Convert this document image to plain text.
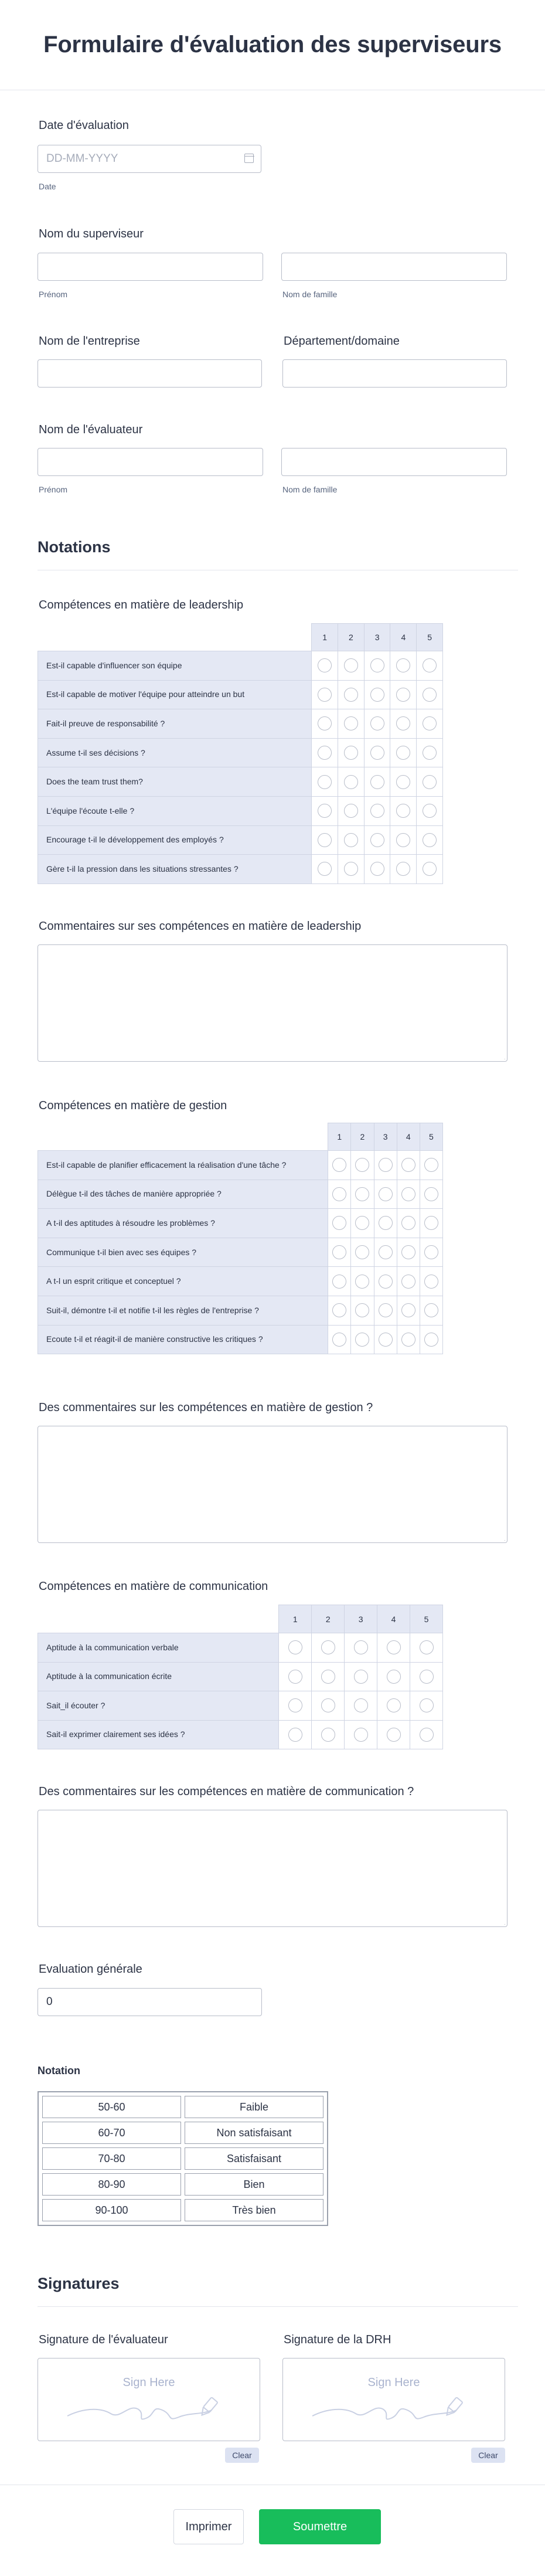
Formulaire d'évaluation des superviseurs
Date d'évaluation
DD-MM-YYYY
Date
Nom du superviseur
Prénom	Nom de famille
Nom de l'entreprise	Département/domaine
Nom de l'évaluateur
Prénom	Nom de famille
Notations
Compétences en matière de leadership
	1	2	3	4	5
Est-il capable d'influencer son équipe					
Est-il capable de motiver l'équipe pour atteindre un but					
Fait-il preuve de responsabilité ?					
Assume t-il ses décisions ?					
Does the team trust them?					
L'équipe l'écoute t-elle ?					
Encourage t-il le développement des employés ?					
Gère t-il la pression dans les situations stressantes ?					
Commentaires sur ses compétences en matière de leadership
Compétences en matière de gestion
	1	2	3	4	5
Est-il capable de planifier efficacement la réalisation d'une tâche ?					
Délègue t-il des tâches de manière appropriée ?					
A t-il des aptitudes à résoudre les problèmes ?					
Communique t-il bien avec ses équipes ?					
A t-l un esprit critique et conceptuel ?					
Suit-il, démontre t-il et notifie t-il les règles de l'entreprise ?					
Ecoute t-il et réagit-il de manière constructive les critiques ?					
Des commentaires sur les compétences en matière de gestion ?
Compétences en matière de communication
	1	2	3	4	5
Aptitude à la communication verbale					
Aptitude à la communication écrite					
Sait_il écouter ?					
Sait-il exprimer clairement ses idées ?					
Des commentaires sur les compétences en matière de communication ?
Evaluation générale
0
Notation
50-60	Faible
60-70	Non satisfaisant
70-80	Satisfaisant
80-90	Bien
90-100	Très bien
Signatures
Signature de l'évaluateur
Sign Here
Clear
Signature de la DRH
Sign Here
Clear
Imprimer	Soumettre
